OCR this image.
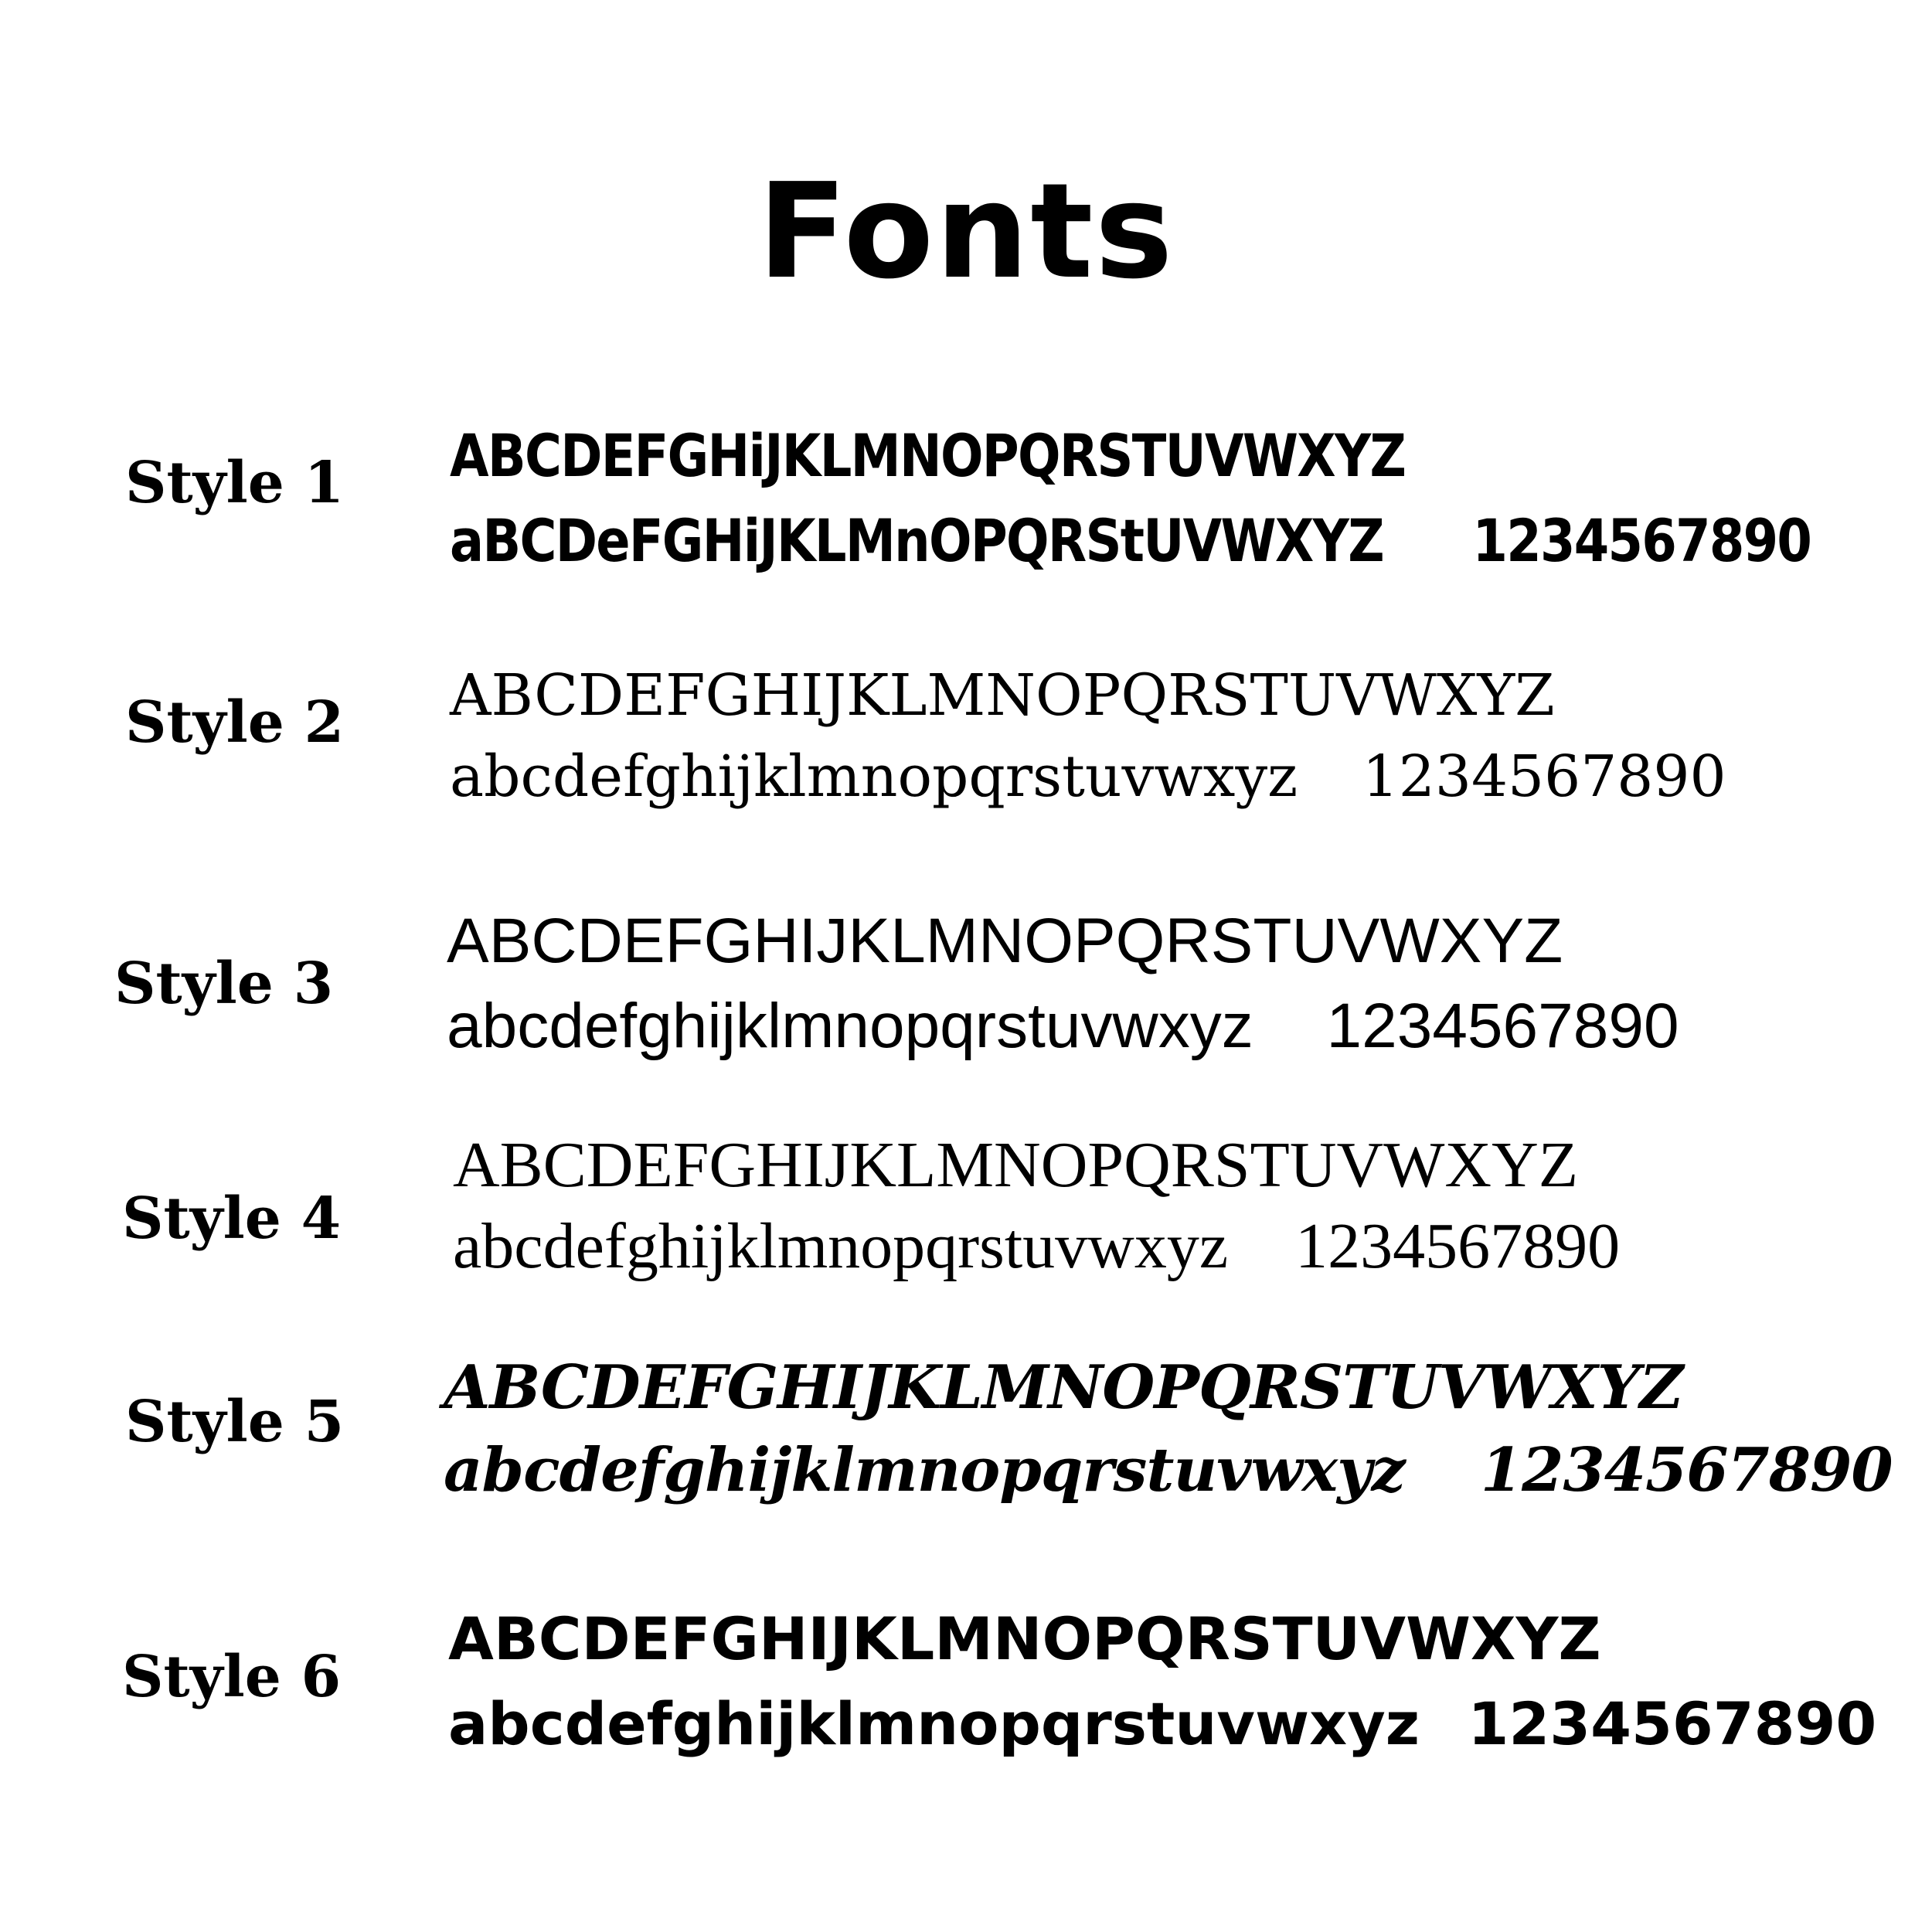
Fonts
Style 1 ABCDEFGHiJKLMNOPQRSTUVWXYZ
aBCDeFGHiJKLMnOPQRStUVWXYZ 1234567890
Style 2 ABCDEFGHIJKLMNOPQRSTUVWXYZ
abcdefghijklmnopqrstuvwxyz 1234567890
Style 3
ABCDEFGHIJKLMNOPQRSTUVWXYZ
abcdefghijklmnopqrstuvwxyz 1234567890
Style 4
ABCDEFGHIJKLMNOPQRSTUVWXYZ
abcdefghijklmnopqrstuvwxyz 1234567890
Style 5 ABCDEFGHIJKLMNOPQRSTUVWXYZ
abcdefghijklmnopqrstuvwxyz 1234567890
Style 6
ABCDEFGHIJKLMNOPQRSTUVWXYZ
abcdefghijklmnopqrstuvwxyz 1234567890
